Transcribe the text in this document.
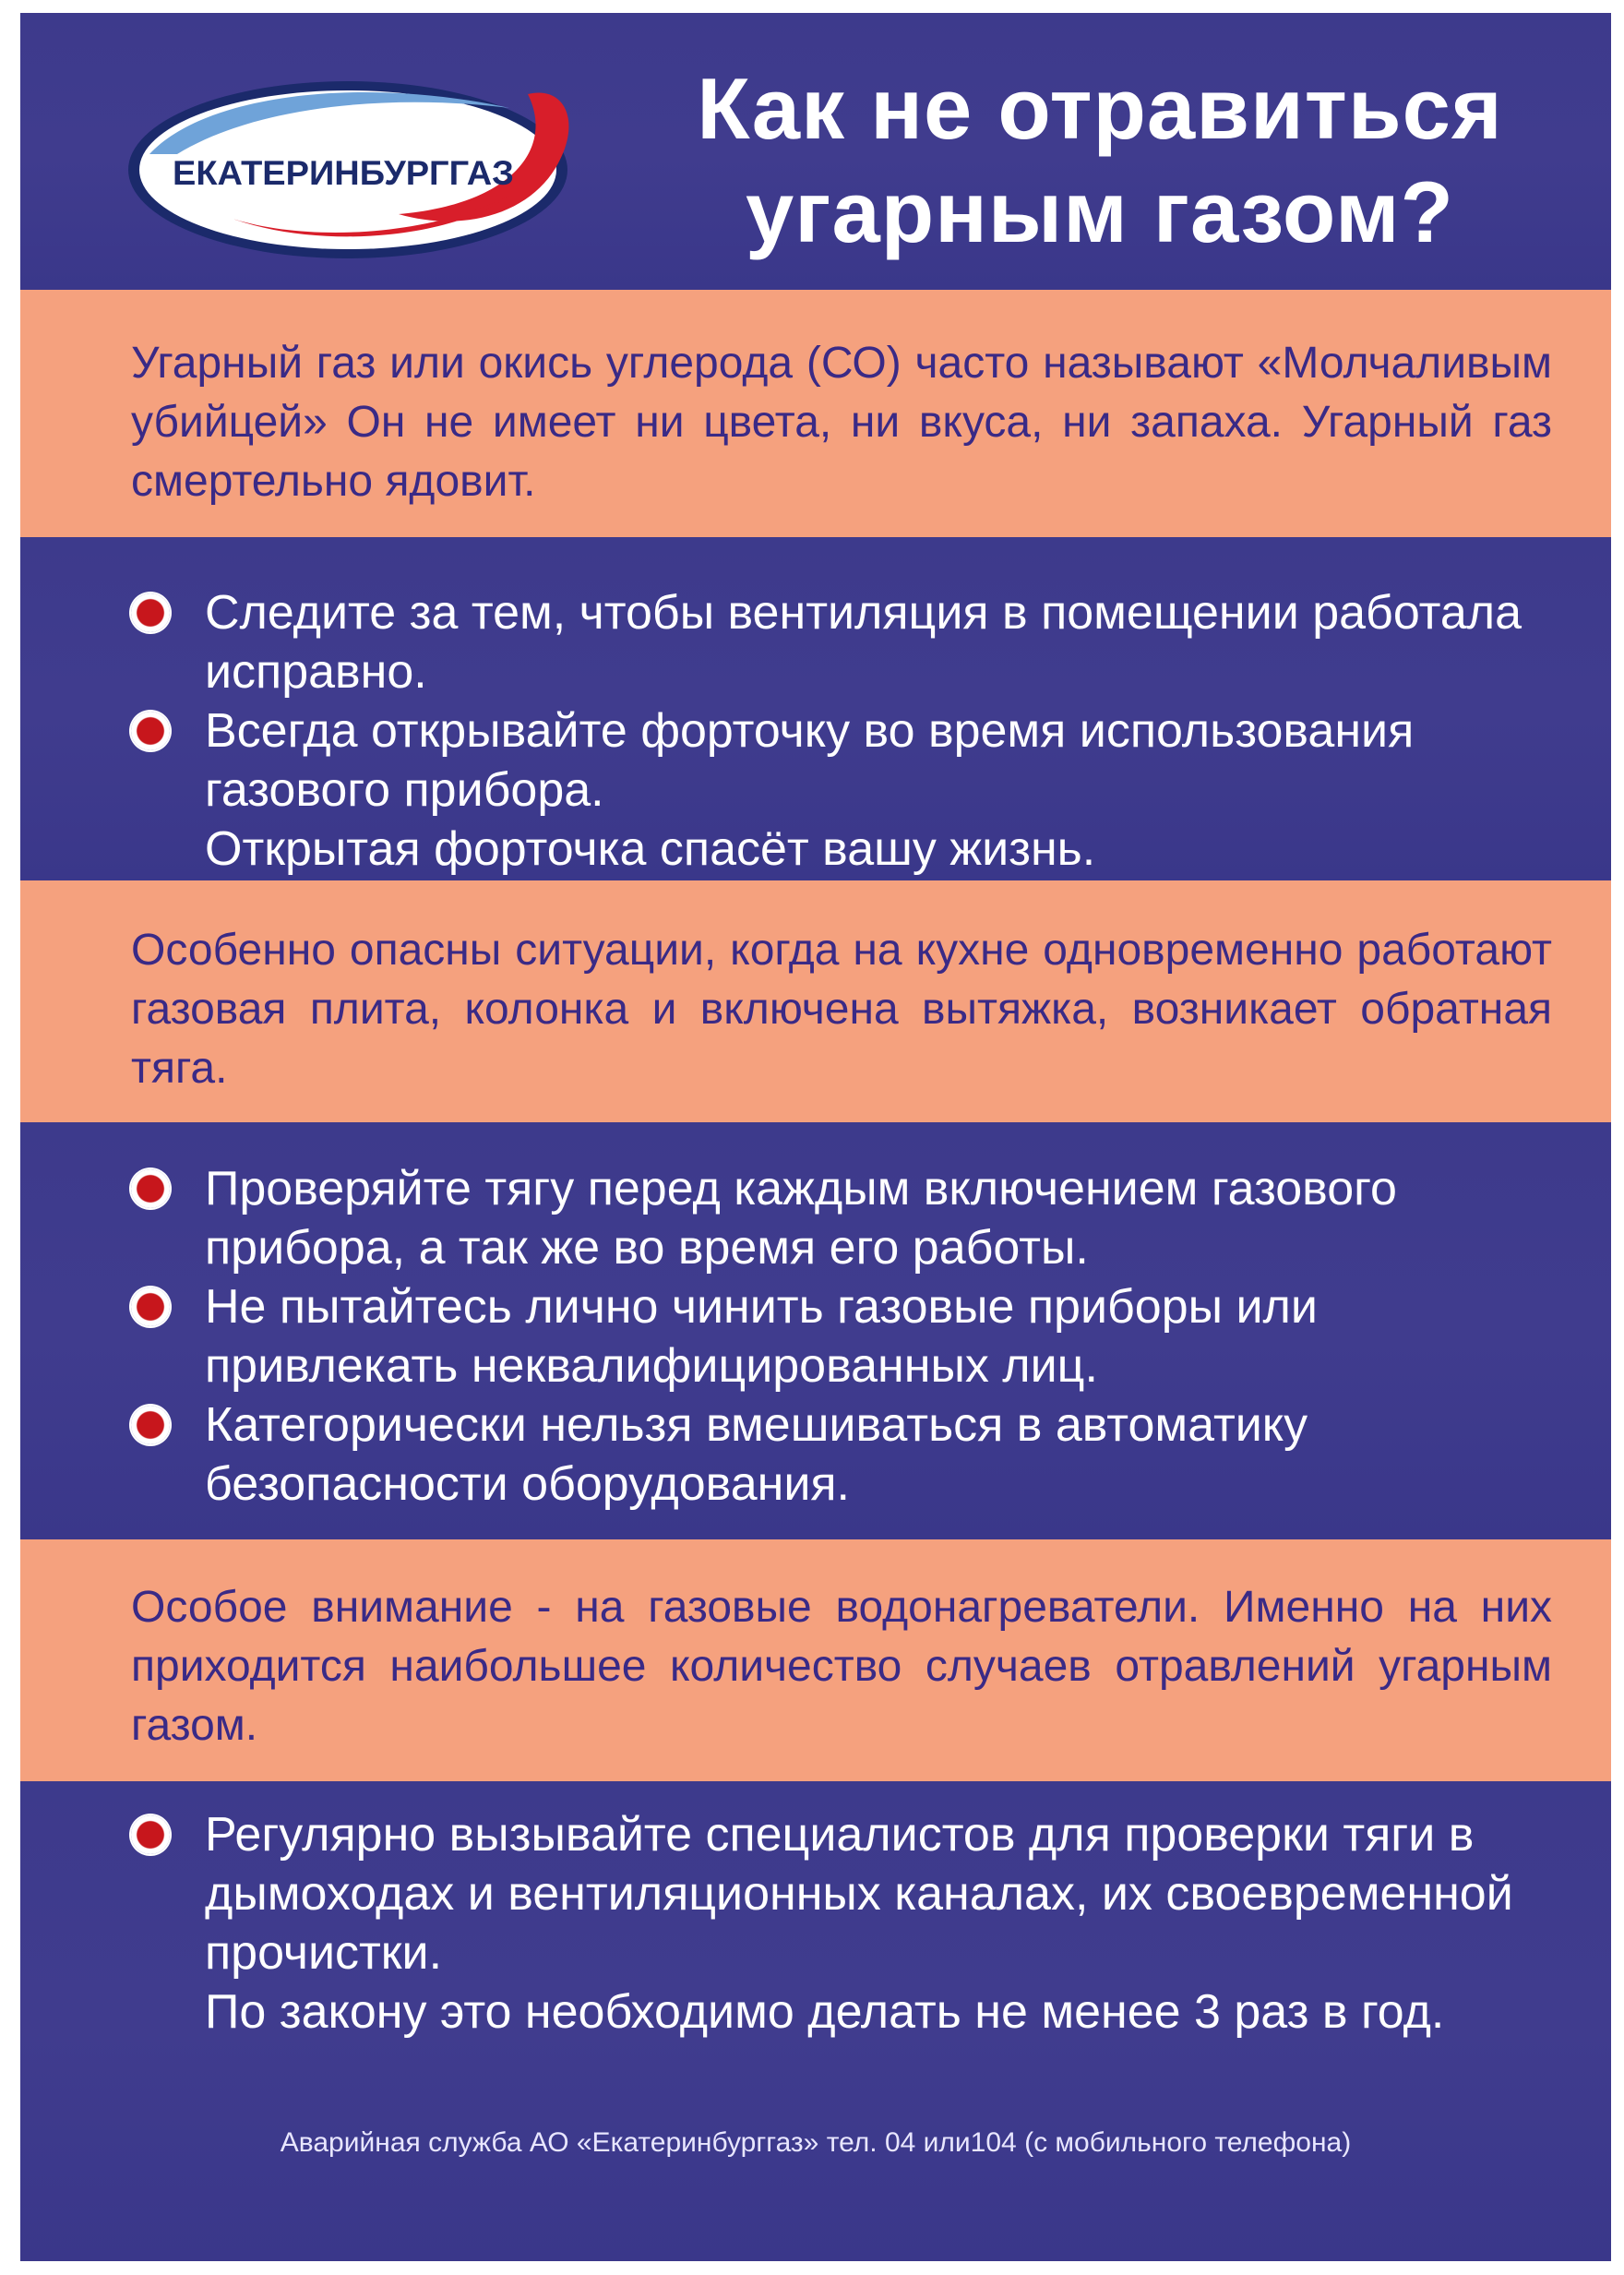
ЕКАТЕРИНБУРГГАЗ
Как не отравиться
угарным газом?
Угарный газ или окись углерода (СО) часто называют «Молчаливым убийцей» Он не имеет ни цвета, ни вкуса, ни запаха. Угарный газ смертельно ядовит.
Следите за тем, чтобы вентиляция в помещении работала исправно.
Всегда открывайте форточку во время использования газового прибора.
Открытая форточка спасёт вашу жизнь.
Особенно опасны ситуации, когда на кухне одновременно работают газовая плита, колонка и включена вытяжка, возникает обратная тяга.
Проверяйте тягу перед каждым включением газового прибора, а так же во время его работы.
Не пытайтесь лично чинить газовые приборы или привлекать неквалифицированных лиц.
Категорически нельзя вмешиваться в автоматику безопасности оборудования.
Особое внимание - на газовые водонагреватели. Именно на них приходится наибольшее количество случаев отравлений угарным газом.
Регулярно вызывайте специалистов для проверки тяги в дымоходах и вентиляционных каналах, их своевременной прочистки.
По закону это необходимо делать не менее 3 раз в год.
Аварийная служба АО «Екатеринбурггаз» тел. 04 или104 (с мобильного телефона)
